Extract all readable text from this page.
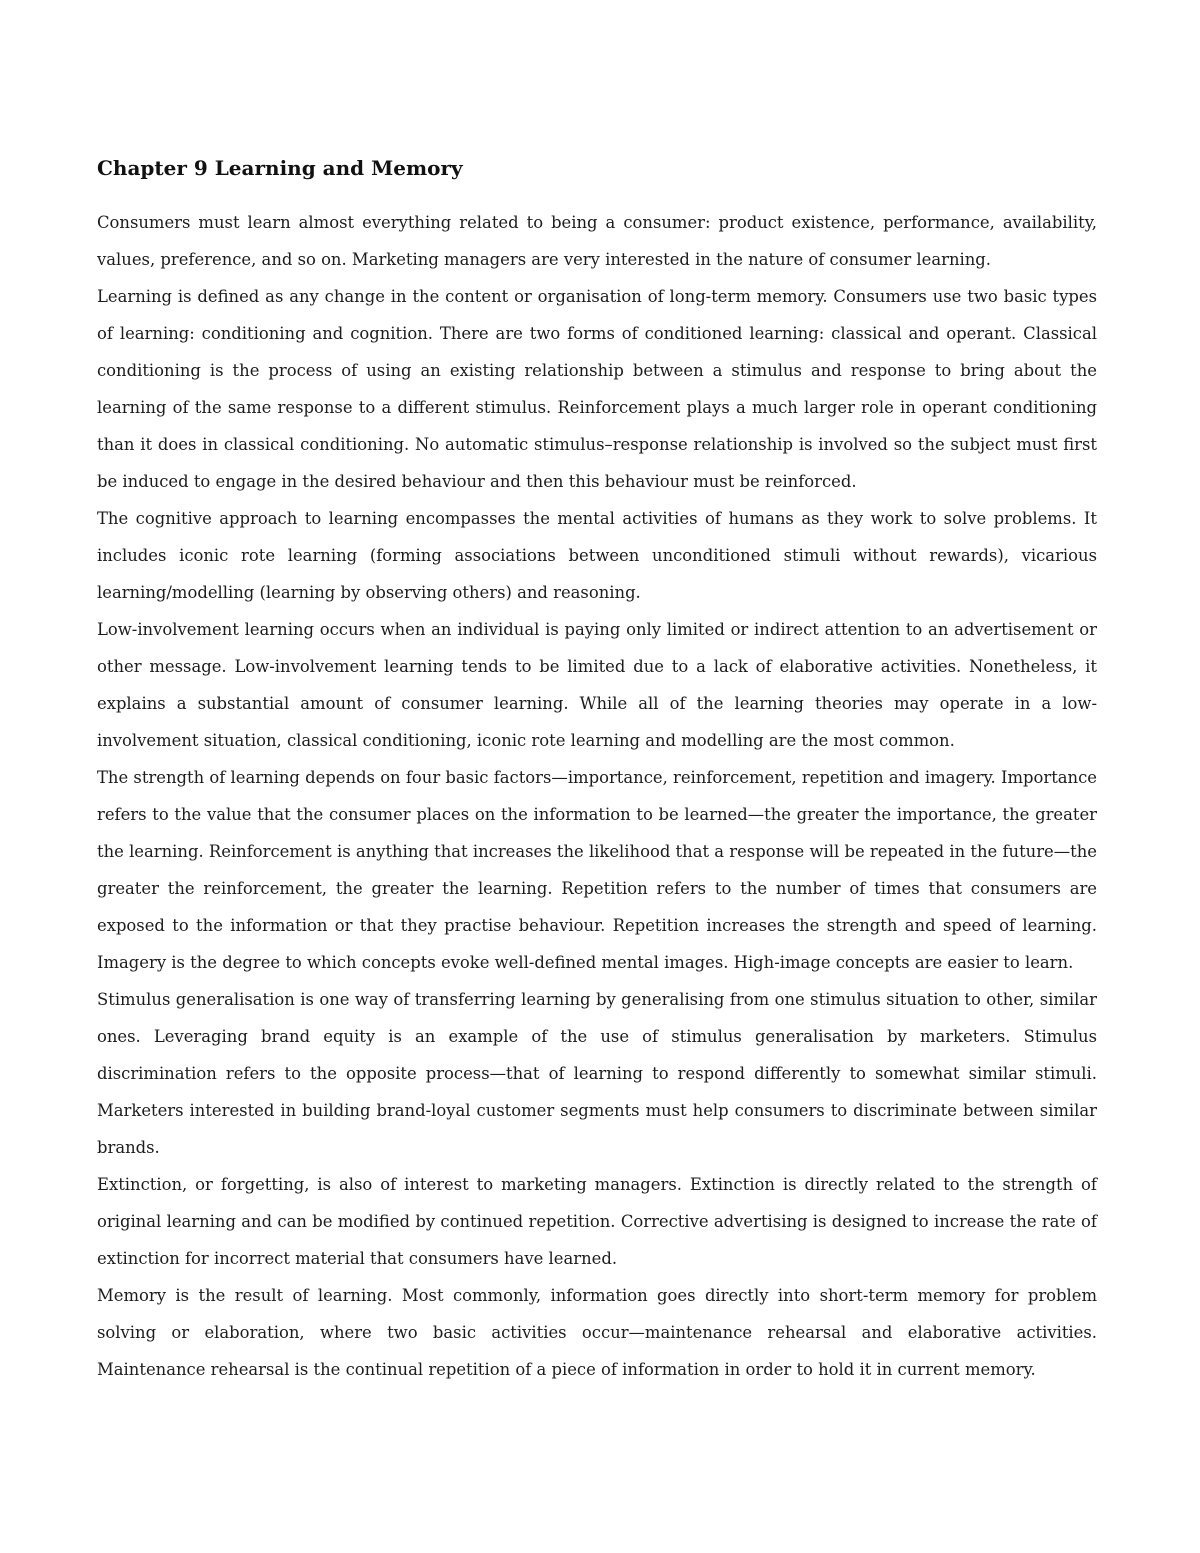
Chapter 9 Learning and Memory

Consumers must learn almost everything related to being a consumer: product existence, performance, availability, values, preference, and so on. Marketing managers are very interested in the nature of consumer learning.

Learning is defined as any change in the content or organisation of long-term memory. Consumers use two basic types of learning: conditioning and cognition. There are two forms of conditioned learning: classical and operant. Classical conditioning is the process of using an existing relationship between a stimulus and response to bring about the learning of the same response to a different stimulus. Reinforcement plays a much larger role in operant conditioning than it does in classical conditioning. No automatic stimulus–response relationship is involved so the subject must first be induced to engage in the desired behaviour and then this behaviour must be reinforced.

The cognitive approach to learning encompasses the mental activities of humans as they work to solve problems. It includes iconic rote learning (forming associations between unconditioned stimuli without rewards), vicarious learning/modelling (learning by observing others) and reasoning.

Low-involvement learning occurs when an individual is paying only limited or indirect attention to an advertisement or other message. Low-involvement learning tends to be limited due to a lack of elaborative activities. Nonetheless, it explains a substantial amount of consumer learning. While all of the learning theories may operate in a low-involvement situation, classical conditioning, iconic rote learning and modelling are the most common.

The strength of learning depends on four basic factors—importance, reinforcement, repetition and imagery. Importance refers to the value that the consumer places on the information to be learned—the greater the importance, the greater the learning. Reinforcement is anything that increases the likelihood that a response will be repeated in the future—the greater the reinforcement, the greater the learning. Repetition refers to the number of times that consumers are exposed to the information or that they practise behaviour. Repetition increases the strength and speed of learning. Imagery is the degree to which concepts evoke well-defined mental images. High-image concepts are easier to learn.

Stimulus generalisation is one way of transferring learning by generalising from one stimulus situation to other, similar ones. Leveraging brand equity is an example of the use of stimulus generalisation by marketers. Stimulus discrimination refers to the opposite process—that of learning to respond differently to somewhat similar stimuli. Marketers interested in building brand-loyal customer segments must help consumers to discriminate between similar brands.

Extinction, or forgetting, is also of interest to marketing managers. Extinction is directly related to the strength of original learning and can be modified by continued repetition. Corrective advertising is designed to increase the rate of extinction for incorrect material that consumers have learned.

Memory is the result of learning. Most commonly, information goes directly into short-term memory for problem solving or elaboration, where two basic activities occur—maintenance rehearsal and elaborative activities. Maintenance rehearsal is the continual repetition of a piece of information in order to hold it in current memory.
